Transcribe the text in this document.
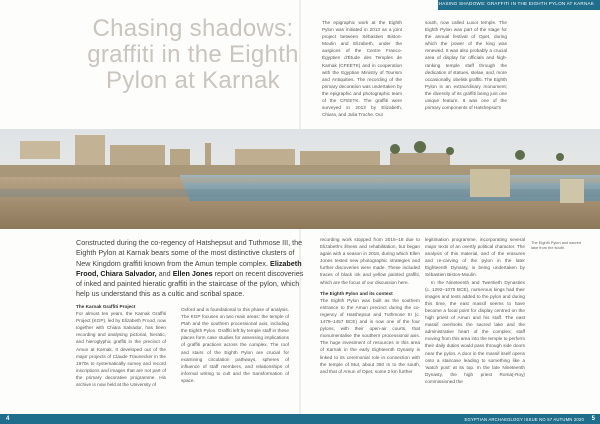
CHASING SHADOWS: GRAFFITI IN THE EIGHTH PYLON AT KARNAK
Chasing shadows: graffiti in the Eighth Pylon at Karnak

The epigraphic work at the Eighth Pylon was initiated in 2013 as a joint project between Sébastien Biston-Moulin and Elizabeth, under the auspices of the Centre Franco-Égyptien d'Étude des Temples de Karnak (CFEETK) and in cooperation with the Egyptian Ministry of Tourism and Antiquities. The recording of the primary decoration was undertaken by the epigraphic and photographic team of the CFEETK. The graffiti were surveyed in 2013 by Elizabeth, Chiara, and Julia Troche. Our

south, now called Luxor temple. The Eighth Pylon was part of the stage for the annual festival of Opet, during which the power of the king was renewed. It was also probably a crucial area of display for officials and high-ranking temple staff through the dedication of statues, stelae, and, more occasionally, obelisk graffiti. The Eighth Pylon is an extraordinary monument; the diversity of its graffiti being just one unique feature. It was one of the primary components of Hatshepsut's

The Eighth Pylon and sacred lake from the south.

Constructed during the co-regency of Hatshepsut and Tuthmose III, the Eighth Pylon at Karnak bears some of the most distinctive clusters of New Kingdom graffiti known from the Amun temple complex. Elizabeth Frood, Chiara Salvador, and Ellen Jones report on recent discoveries of inked and painted hieratic graffiti in the staircase of the pylon, which help us understand this as a cultic and scribal space.

The Karnak Graffiti Project

For almost ten years, the Karnak Graffiti Project (KGP), led by Elizabeth Frood, now together with Chiara Salvador, has been recording and analysing pictorial, hieratic, and hieroglyphic graffiti in the precinct of Amun at Karnak. It developed out of the major projects of Claude Traunecker in the 1970s to systematically survey and record inscriptions and images that are not part of the primary decorative programme. His archive is now held at the University of

Oxford and is foundational to this phase of analysis. The KGP focuses on two main areas: the temple of Ptah and the southern processional axis, including the Eighth Pylon. Graffiti left by temple staff in these places form case studies for assessing implications of graffiti practices across the complex. The roof and stairs of the Eighth Pylon are crucial for examining circulation pathways, spheres of influence of staff members, and relationships of informal writing to cult and the transformation of space.

recording work stopped from 2015–18 due to Elizabeth's illness and rehabilitation, but began again with a season in 2018, during which Ellen Jones tested new photographic strategies and further discoveries were made. These included traces of black ink and yellow painted graffiti, which are the focus of our discussion here.

The Eighth Pylon and its context

The Eighth Pylon was built as the southern entrance to the Amun precinct during the co-regency of Hatshepsut and Tuthmose III (c. 1479–1457 BCE) and is now one of the four pylons, with their open-air courts, that monumentalise the southern processional axis. The huge investment of resources in this area of Karnak in the early Eighteenth Dynasty is linked to its ceremonial role in connection with the temple of Mut, about 350 m to the south, and that of Amun of Opet, some 2 km further

legitimation programme, incorporating several major texts of an overtly political character. The analysis of this material, and of the erasures and re-carving of the pylon in the later Eighteenth Dynasty, is being undertaken by Sébastien Biston-Moulin.

In the Nineteenth and Twentieth Dynasties (c. 1292–1075 BCE), numerous kings had their images and texts added to the pylon and during this time, the east massif seems to have become a focal point for display centred on the high priest of Amun and his staff. The east massif overlooks the sacred lake and the administrative heart of the complex; staff moving from this area into the temple to perform their daily duties would pass through side doors near the pylon. A door in the massif itself opens onto a staircase leading to something like a 'watch post' at its top. In the late Nineteenth Dynasty, the high priest Roma(-Roy) commissioned the

4	EGYPTIAN ARCHAEOLOGY ISSUE NO 57 AUTUMN 2020 5
